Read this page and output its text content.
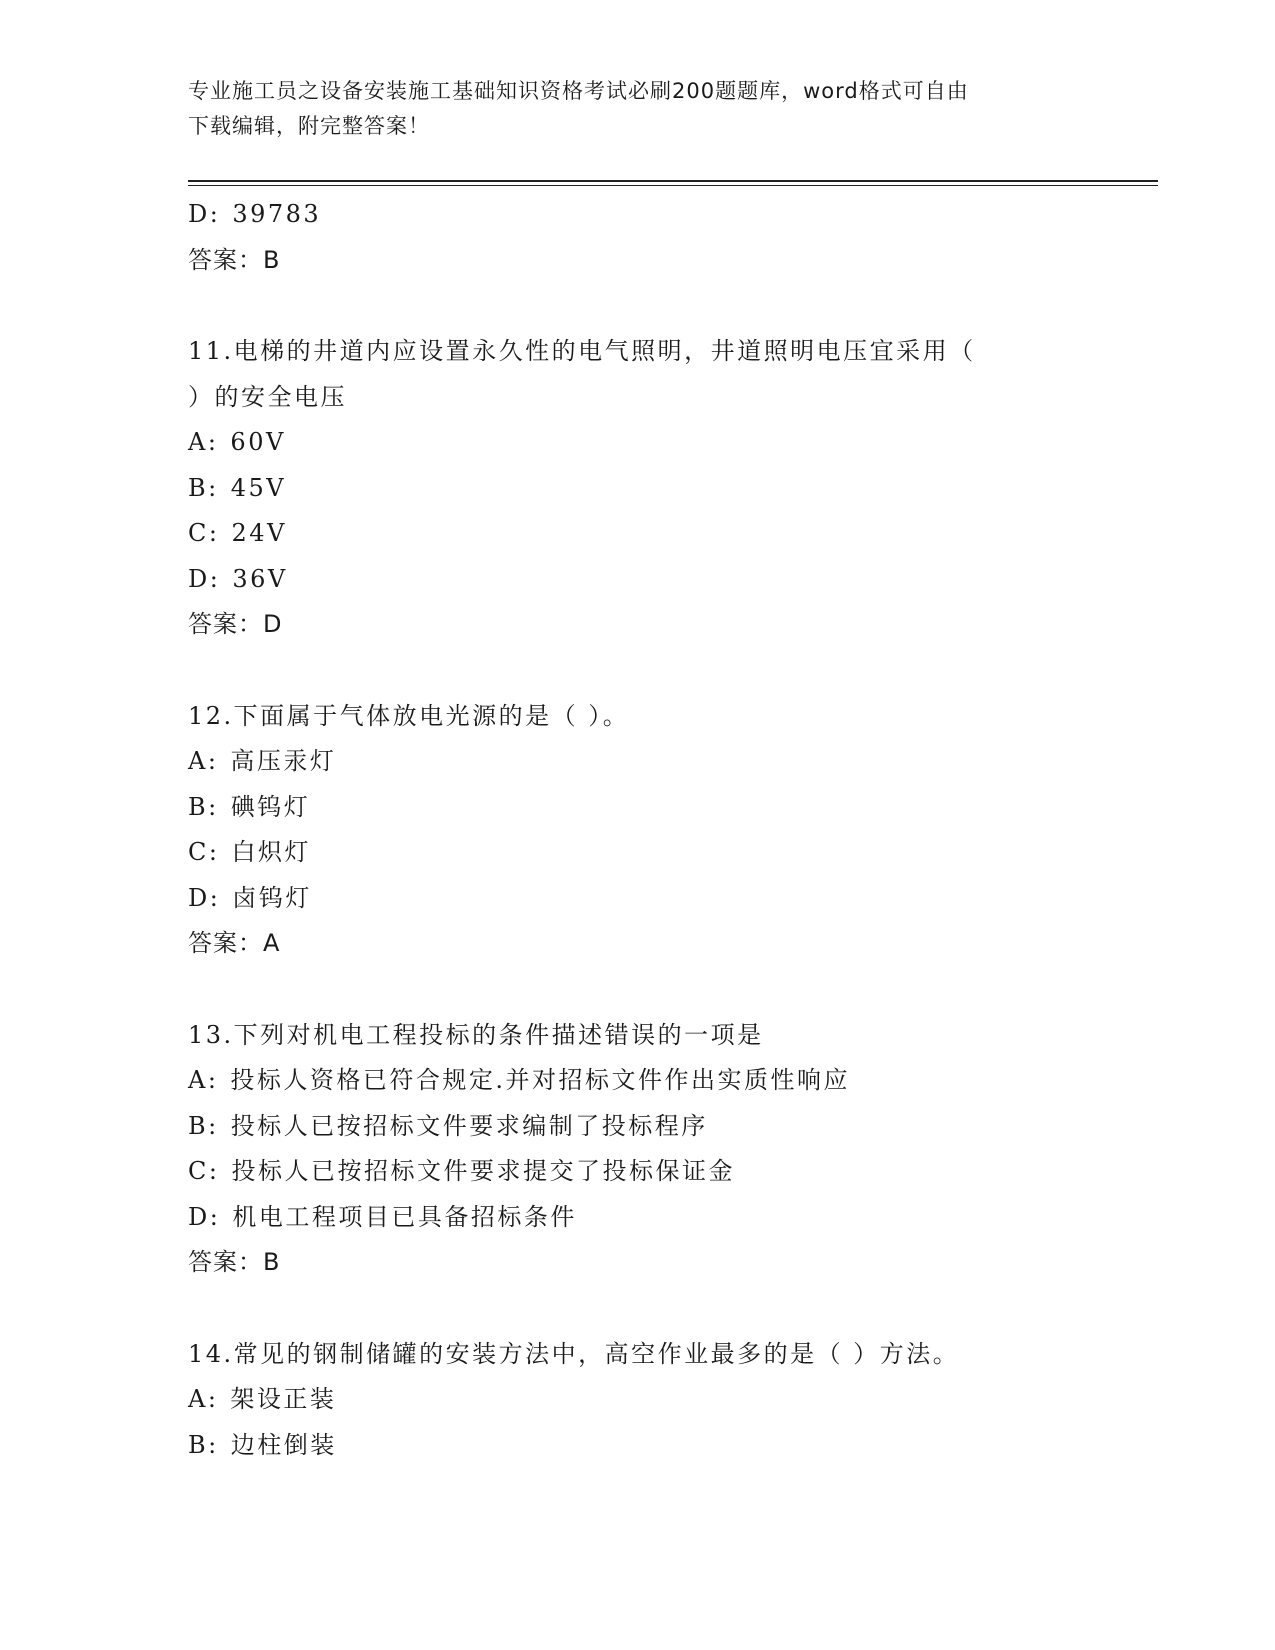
专业施工员之设备安装施工基础知识资格考试必刷200题题库，word格式可自由
下载编辑，附完整答案！
D: 39783
答案：B
11.电梯的井道内应设置永久性的电气照明，井道照明电压宜采用（
）的安全电压
A: 60V
B: 45V
C: 24V
D: 36V
答案：D
12.下面属于气体放电光源的是（ ）。
A: 高压汞灯
B: 碘钨灯
C: 白炽灯
D: 卤钨灯
答案：A
13.下列对机电工程投标的条件描述错误的一项是
A: 投标人资格已符合规定.并对招标文件作出实质性响应
B: 投标人已按招标文件要求编制了投标程序
C: 投标人已按招标文件要求提交了投标保证金
D: 机电工程项目已具备招标条件
答案：B
14.常见的钢制储罐的安装方法中，高空作业最多的是（ ）方法。
A: 架设正装
B: 边柱倒装
